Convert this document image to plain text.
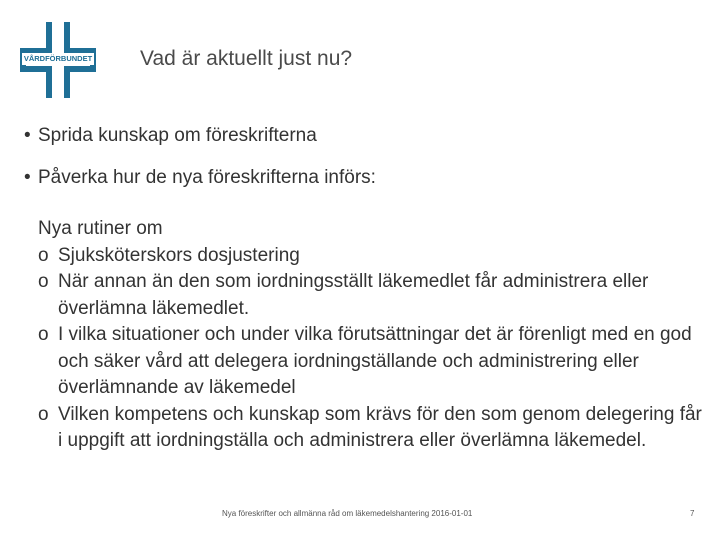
VÅRDFÖRBUNDET Vad är aktuellt just nu?
• Sprida kunskap om föreskrifterna
• Påverka hur de nya föreskrifterna införs:
Nya rutiner om
o Sjuksköterskors dosjustering
o När annan än den som iordningsställt läkemedlet får administrera eller överlämna läkemedlet.
o I vilka situationer och under vilka förutsättningar det är förenligt med en god och säker vård att delegera iordningställande och administrering eller överlämnande av läkemedel
o Vilken kompetens och kunskap som krävs för den som genom delegering får i uppgift att iordningställa och administrera eller överlämna läkemedel.
Nya föreskrifter och allmänna råd om läkemedelshantering 2016-01-01	7
